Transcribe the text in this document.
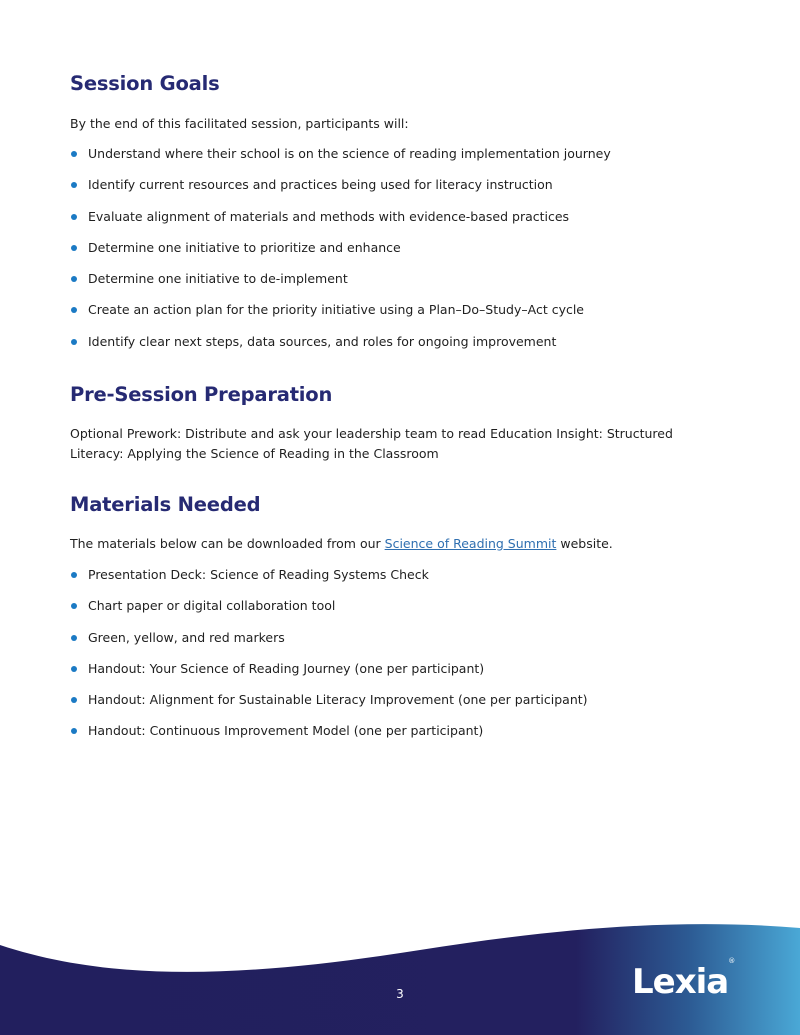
Session Goals

By the end of this facilitated session, participants will:

Understand where their school is on the science of reading implementation journey
Identify current resources and practices being used for literacy instruction
Evaluate alignment of materials and methods with evidence-based practices
Determine one initiative to prioritize and enhance
Determine one initiative to de-implement
Create an action plan for the priority initiative using a Plan–Do–Study–Act cycle
Identify clear next steps, data sources, and roles for ongoing improvement
Pre-Session Preparation

Optional Prework: Distribute and ask your leadership team to read Education Insight: Structured Literacy: Applying the Science of Reading in the Classroom

Materials Needed

The materials below can be downloaded from our Science of Reading Summit website.

Presentation Deck: Science of Reading Systems Check
Chart paper or digital collaboration tool
Green, yellow, and red markers
Handout: Your Science of Reading Journey (one per participant)
Handout: Alignment for Sustainable Literacy Improvement (one per participant)
Handout: Continuous Improvement Model (one per participant)
3	Lexia®
